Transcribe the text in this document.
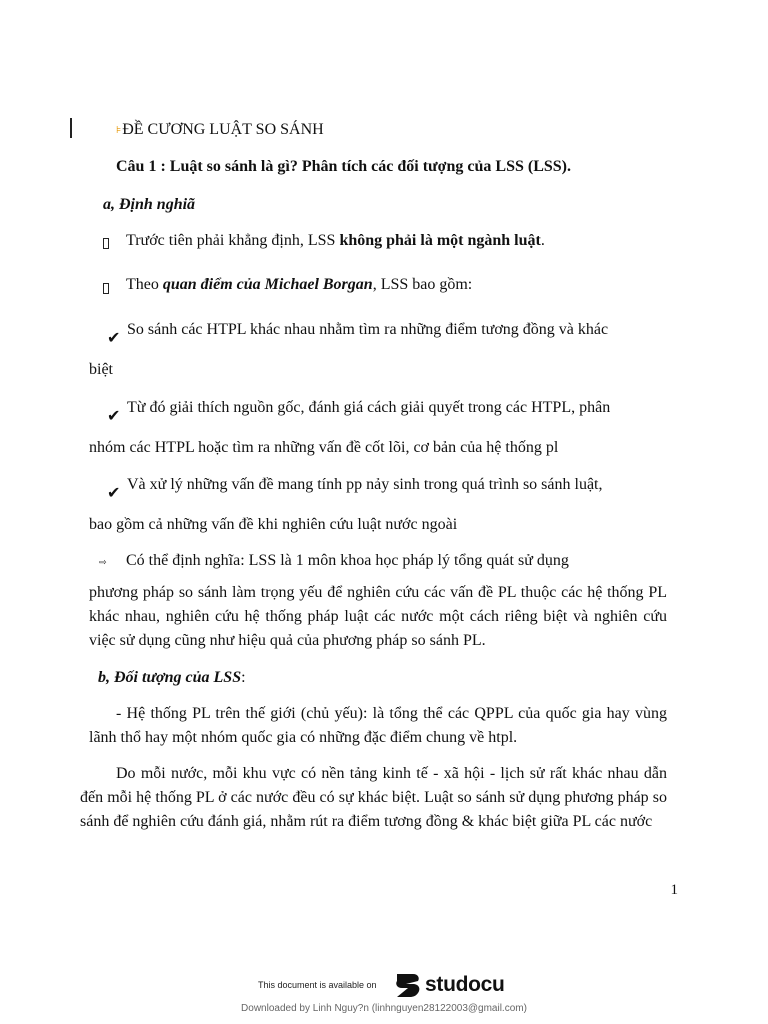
⊧ĐỀ CƯƠNG LUẬT SO SÁNH
Câu 1 : Luật so sánh là gì? Phân tích các đối tượng của LSS (LSS).
a, Định nghiã
Trước tiên phải khẳng định, LSS không phải là một ngành luật.
Theo quan điểm của Michael Borgan, LSS bao gồm:
✔ So sánh các HTPL khác nhau nhằm tìm ra những điểm tương đồng và khác
biệt
✔ Từ đó giải thích nguồn gốc, đánh giá cách giải quyết trong các HTPL, phân
nhóm các HTPL hoặc tìm ra những vấn đề cốt lõi, cơ bản của hệ thống pl
✔ Và xử lý những vấn đề mang tính pp nảy sinh trong quá trình so sánh luật,
bao gồm cả những vấn đề khi nghiên cứu luật nước ngoài
⇨ Có thể định nghĩa: LSS là 1 môn khoa học pháp lý tổng quát sử dụng
phương pháp so sánh làm trọng yếu để nghiên cứu các vấn đề PL thuộc các hệ thống PL khác nhau, nghiên cứu hệ thống pháp luật các nước một cách riêng biệt và nghiên cứu việc sử dụng cũng như hiệu quả của phương pháp so sánh PL.
b, Đối tượng của LSS:
- Hệ thống PL trên thế giới (chủ yếu): là tổng thể các QPPL của quốc gia hay vùng lãnh thổ hay một nhóm quốc gia có những đặc điểm chung về htpl.
Do mỗi nước, mỗi khu vực có nền tảng kinh tế - xã hội - lịch sử rất khác nhau dẫn đến mỗi hệ thống PL ở các nước đều có sự khác biệt. Luật so sánh sử dụng phương pháp so sánh để nghiên cứu đánh giá, nhằm rút ra điểm tương đồng & khác biệt giữa PL các nước
1
This document is available on studocu
Downloaded by Linh Nguy?n (linhnguyen28122003@gmail.com)
